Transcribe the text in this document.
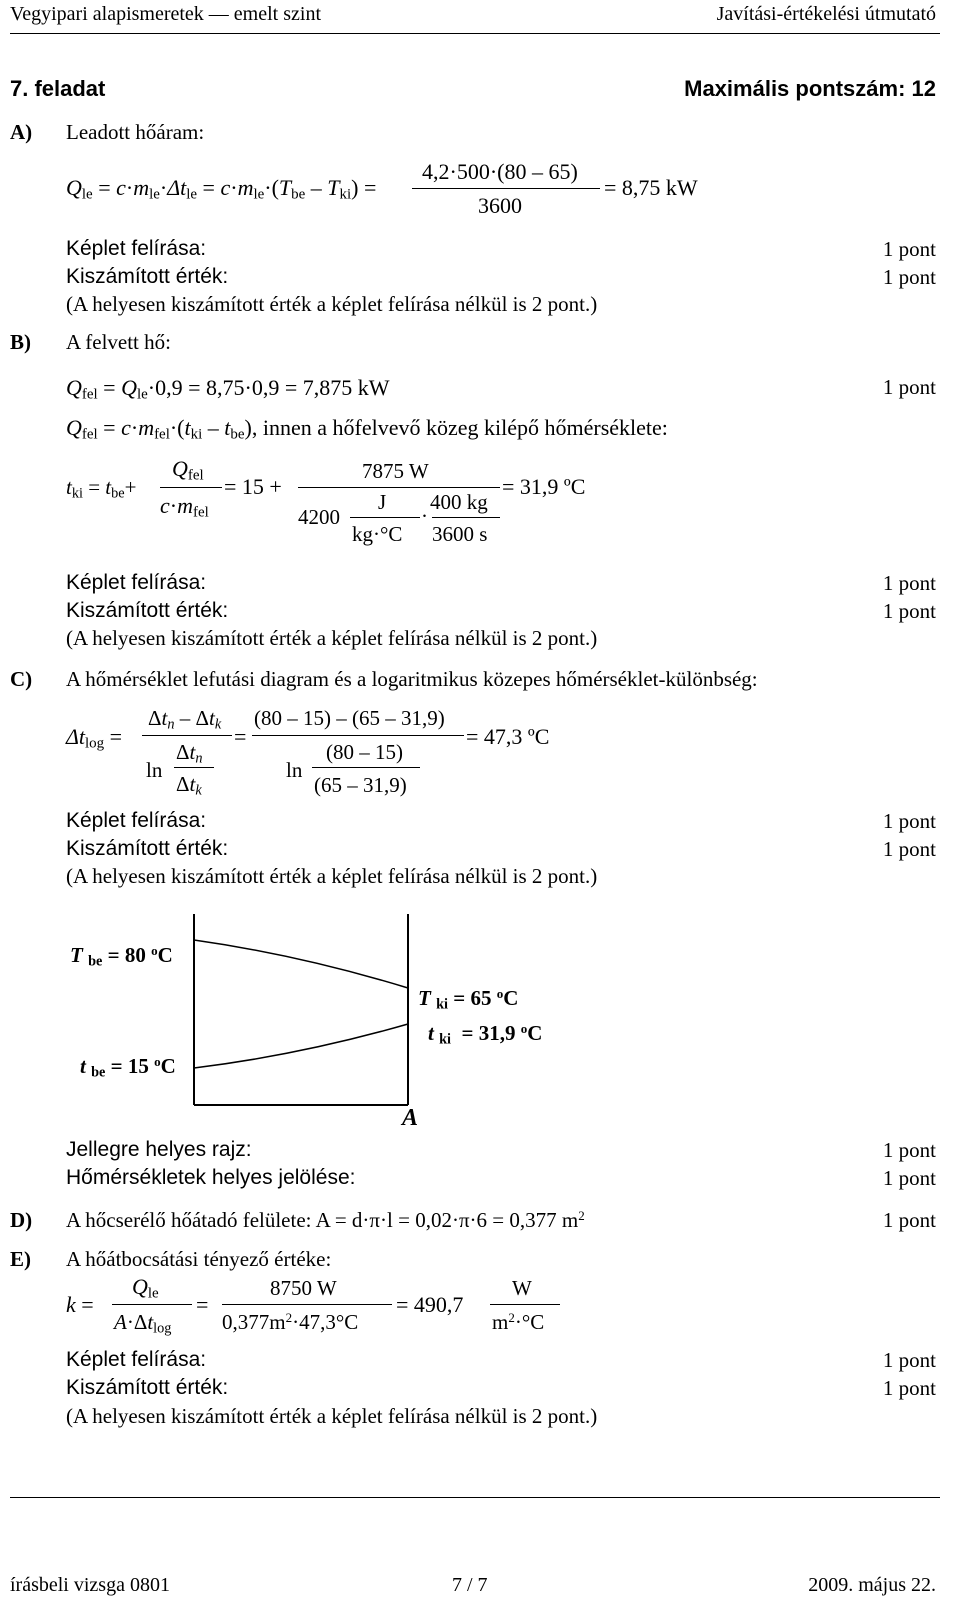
Vegyipari alapismeretek — emelt szint	Javítási-értékelési útmutató
7. feladat	Maximális pontszám: 12
A) Leadott hőáram:
$Q_{le} = c\cdot m_{le}\cdot\Delta t_{le} = c\cdot m_{le}\cdot(T_{be} - T_{ki})$ =
4,2·500·(80 – 65)
3600
= 8,75 kW
Képlet felírása:	1 pont
Kiszámított érték:	1 pont
(A helyesen kiszámított érték a képlet felírása nélkül is 2 pont.)
B) A felvett hő:
$Q_{fel} = Q_{le}\cdot 0,9 = 8,75\cdot 0,9 = 7,875$ kW	1 pont
$Q_{fel} = c\cdot m_{fel}\cdot(t_{ki} - t_{be})$, innen a hőfelvevő közeg kilépő hőmérséklete:
$t_{ki} = t_{be}+$
$Q_{fel}$
$c\cdot m_{fel}$
= 15 +
7875 W
= 31,9 ºC
J 400 kg
4200	·
kg·°C 3600 s
Képlet felírása:	1 pont
Kiszámított érték:	1 pont
(A helyesen kiszámított érték a képlet felírása nélkül is 2 pont.)
C) A hőmérséklet lefutási diagram és a logaritmikus közepes hőmérséklet-különbség:
$\Delta t_{log}$ =
$\Delta t_n - \Delta t_k$
ln
$\Delta t_n$
$\Delta t_k$
=
(80 – 15) – (65 – 31,9)
= 47,3 ºC
ln
(80 – 15)
(65 – 31,9)
Képlet felírása:	1 pont
Kiszámított érték:	1 pont
(A helyesen kiszámított érték a képlet felírása nélkül is 2 pont.)
T $_{be}$ = 80 $^o$C
t $_{be}$ = 15 $^o$C
T $_{ki}$ = 65 $^o$C
t $_{ki}$  = 31,9 $^o$C
A
Jellegre helyes rajz:	1 pont
Hőmérsékletek helyes jelölése:	1 pont
D) A hőcserélő hőátadó felülete: A = d·π·l = 0,02·π·6 = 0,377 $m^2$	1 pont
E) A hőátbocsátási tényező értéke:
k =
$Q_{le}$
$A\cdot\Delta t_{log}$
=
8750 W
$0,377m^2\cdot 47,3^\circ C$
= 490,7
W
$m^2\cdot^\circ C$
Képlet felírása:	1 pont
Kiszámított érték:	1 pont
(A helyesen kiszámított érték a képlet felírása nélkül is 2 pont.)
írásbeli vizsga 0801	7 / 7	2009. május 22.
